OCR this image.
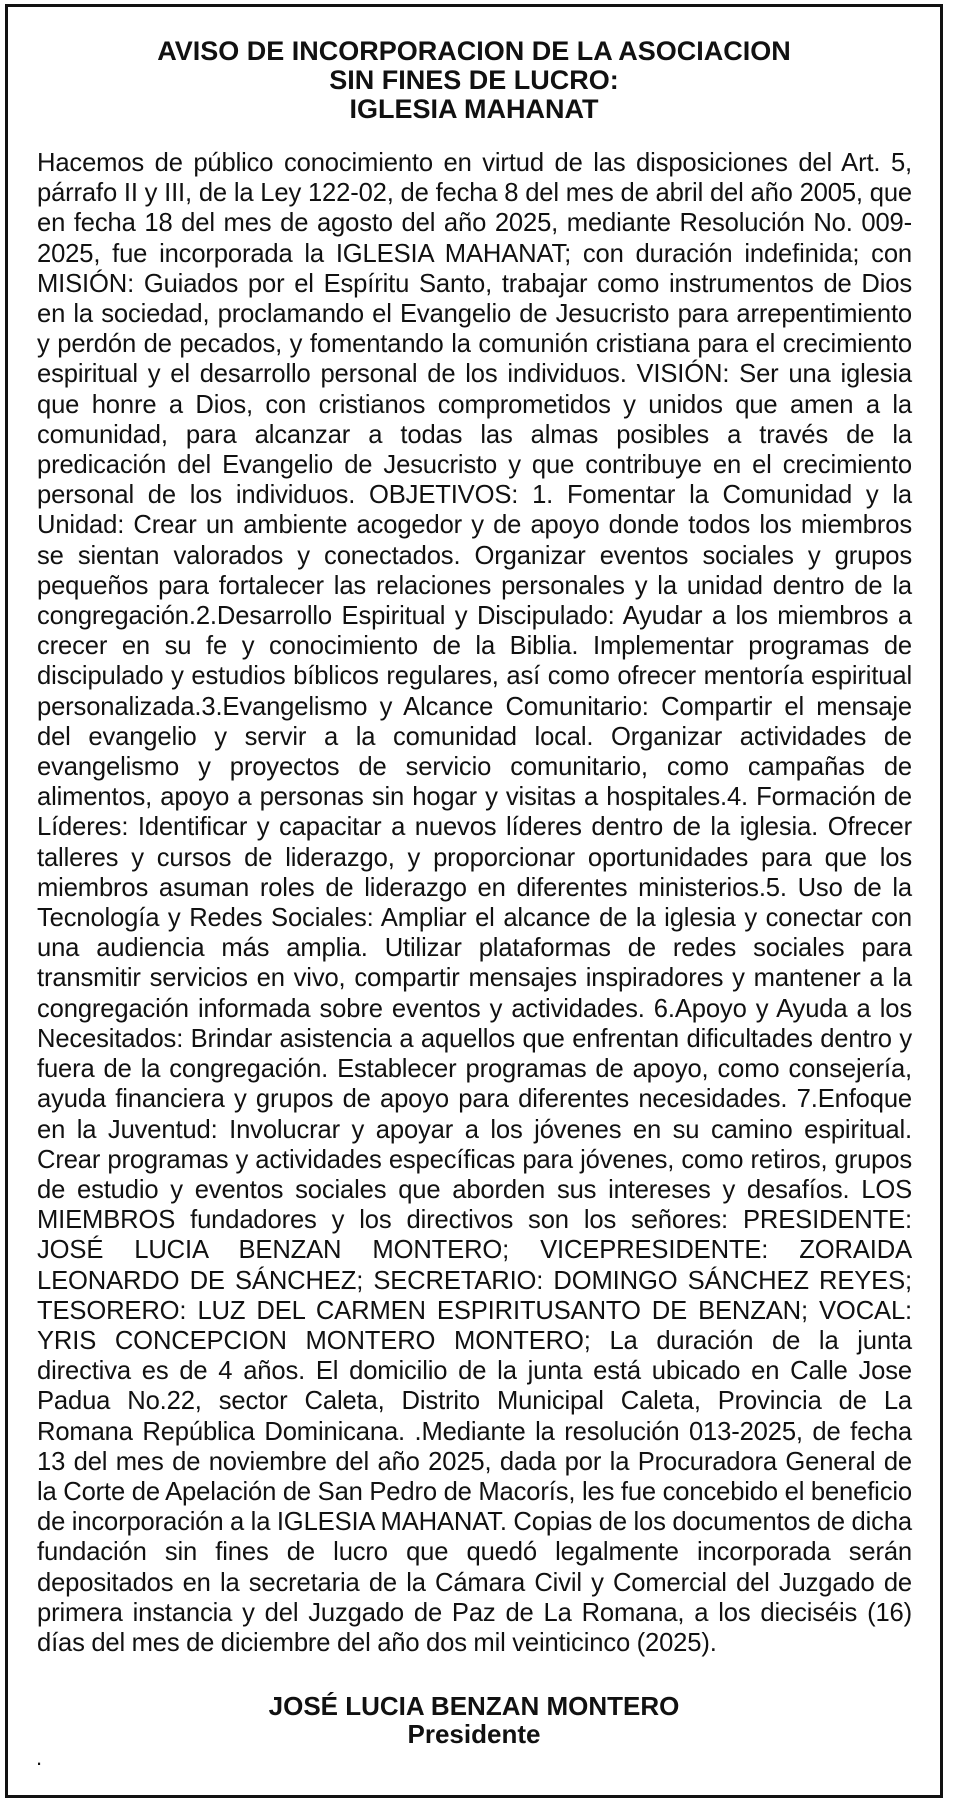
AVISO DE INCORPORACION DE LA ASOCIACION
SIN FINES DE LUCRO:
IGLESIA MAHANAT

Hacemos de público conocimiento en virtud de las disposiciones del Art. 5, párrafo II y III, de la Ley 122-02, de fecha 8 del mes de abril del año 2005, que en fecha 18 del mes de agosto del año 2025, mediante Resolución No. 009-2025, fue incorporada la IGLESIA MAHANAT; con duración indefinida; con MISIÓN: Guiados por el Espíritu Santo, trabajar como instrumentos de Dios en la sociedad, proclamando el Evangelio de Jesucristo para arrepentimiento y perdón de pecados, y fomentando la comunión cristiana para el crecimiento espiritual y el desarrollo personal de los individuos. VISIÓN: Ser una iglesia que honre a Dios, con cristianos comprometidos y unidos que amen a la comunidad, para alcanzar a todas las almas posibles a través de la predicación del Evangelio de Jesucristo y que contribuye en el crecimiento personal de los individuos. OBJETIVOS: 1. Fomentar la Comunidad y la Unidad: Crear un ambiente acogedor y de apoyo donde todos los miembros se sientan valorados y conectados. Organizar eventos sociales y grupos pequeños para fortalecer las relaciones personales y la unidad dentro de la congregación.2.Desarrollo Espiritual y Discipulado: Ayudar a los miembros a crecer en su fe y conocimiento de la Biblia. Implementar programas de discipulado y estudios bíblicos regulares, así como ofrecer mentoría espiritual personalizada.3.Evangelismo y Alcance Comunitario: Compartir el mensaje del evangelio y servir a la comunidad local. Organizar actividades de evangelismo y proyectos de servicio comunitario, como campañas de alimentos, apoyo a personas sin hogar y visitas a hospitales.4. Formación de Líderes: Identificar y capacitar a nuevos líderes dentro de la iglesia. Ofrecer talleres y cursos de liderazgo, y proporcionar oportunidades para que los miembros asuman roles de liderazgo en diferentes ministerios.5. Uso de la Tecnología y Redes Sociales: Ampliar el alcance de la iglesia y conectar con una audiencia más amplia. Utilizar plataformas de redes sociales para transmitir servicios en vivo, compartir mensajes inspiradores y mantener a la congregación informada sobre eventos y actividades. 6.Apoyo y Ayuda a los Necesitados: Brindar asistencia a aquellos que enfrentan dificultades dentro y fuera de la congregación. Establecer programas de apoyo, como consejería, ayuda financiera y grupos de apoyo para diferentes necesidades. 7.Enfoque en la Juventud: Involucrar y apoyar a los jóvenes en su camino espiritual. Crear programas y actividades específicas para jóvenes, como retiros, grupos de estudio y eventos sociales que aborden sus intereses y desafíos. LOS MIEMBROS fundadores y los directivos son los señores: PRESIDENTE: JOSÉ LUCIA BENZAN MONTERO; VICEPRESIDENTE: ZORAIDA LEONARDO DE SÁNCHEZ; SECRETARIO: DOMINGO SÁNCHEZ REYES; TESORERO: LUZ DEL CARMEN ESPIRITUSANTO DE BENZAN; VOCAL: YRIS CONCEPCION MONTERO MONTERO; La duración de la junta directiva es de 4 años. El domicilio de la junta está ubicado en Calle Jose Padua No.22, sector Caleta, Distrito Municipal Caleta, Provincia de La Romana República Dominicana. .Mediante la resolución 013-2025, de fecha 13 del mes de noviembre del año 2025, dada por la Procuradora General de la Corte de Apelación de San Pedro de Macorís, les fue concebido el beneficio de incorporación a la IGLESIA MAHANAT. Copias de los documentos de dicha fundación sin fines de lucro que quedó legalmente incorporada serán depositados en la secretaria de la Cámara Civil y Comercial del Juzgado de primera instancia y del Juzgado de Paz de La Romana, a los dieciséis (16) días del mes de diciembre del año dos mil veinticinco (2025).

JOSÉ LUCIA BENZAN MONTERO
Presidente
.
